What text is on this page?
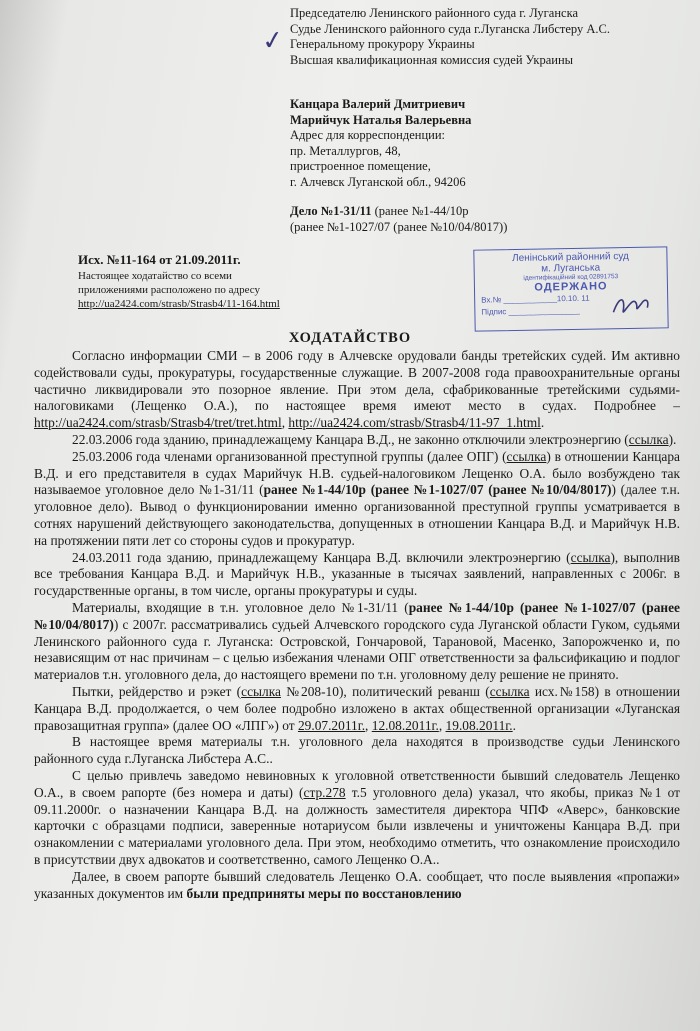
✓
Председателю Ленинского районного суда г. Луганска
Судье Ленинского районного суда г.Луганска Либстеру А.С.
Генеральному прокурору Украины
Высшая квалификационная комиссия судей Украины
Канцара Валерий Дмитриевич
Марийчук Наталья Валерьевна
Адрес для корреспонденции:
пр. Металлургов, 48,
пристроенное помещение,
г. Алчевск Луганской обл., 94206
Дело №1-31/11 (ранее №1-44/10р
(ранее №1-1027/07 (ранее №10/04/8017))
Исх. №11-164 от 21.09.2011г.
Настоящее ходатайство со всеми
приложениями расположено по адресу
http://ua2424.com/strasb/Strasb4/11-164.html
Ленінський районний суд
м. Луганська
ідентифікаційний код 02891753
ОДЕРЖАНО
Вх.№ ____________10.10. 11
Підпис ________________
ХОДАТАЙСТВО

Согласно информации СМИ – в 2006 году в Алчевске орудовали банды третейских судей. Им активно содействовали суды, прокуратуры, государственные служащие. В 2007-2008 года правоохранительные органы частично ликвидировали это позорное явление. При этом дела, сфабрикованные третейскими судьями-налоговиками (Лещенко О.А.), по настоящее время имеют место в судах. Подробнее – http://ua2424.com/strasb/Strasb4/tret/tret.html, http://ua2424.com/strasb/Strasb4/11-97_1.html.

22.03.2006 года зданию, принадлежащему Канцара В.Д., не законно отключили электроэнергию (ссылка).

25.03.2006 года членами организованной преступной группы (далее ОПГ) (ссылка) в отношении Канцара В.Д. и его представителя в судах Марийчук Н.В. судьей-налоговиком Лещенко О.А. было возбуждено так называемое уголовное дело №1-31/11 (ранее №1-44/10р (ранее №1-1027/07 (ранее №10/04/8017)) (далее т.н. уголовное дело). Вывод о функционировании именно организованной преступной группы усматривается в сотнях нарушений действующего законодательства, допущенных в отношении Канцара В.Д. и Марийчук Н.В. на протяжении пяти лет со стороны судов и прокуратур.

24.03.2011 года зданию, принадлежащему Канцара В.Д. включили электроэнергию (ссылка), выполнив все требования Канцара В.Д. и Марийчук Н.В., указанные в тысячах заявлений, направленных с 2006г. в государственные органы, в том числе, органы прокуратуры и суды.

Материалы, входящие в т.н. уголовное дело №1-31/11 (ранее №1-44/10р (ранее №1-1027/07 (ранее №10/04/8017)) с 2007г. рассматривались судьей Алчевского городского суда Луганской области Гуком, судьями Ленинского районного суда г. Луганска: Островской, Гончаровой, Тарановой, Масенко, Запорожченко и, по независящим от нас причинам – с целью избежания членами ОПГ ответственности за фальсификацию и подлог материалов т.н. уголовного дела, до настоящего времени по т.н. уголовному делу решение не принято.

Пытки, рейдерство и рэкет (ссылка №208-10), политический реванш (ссылка исх.№158) в отношении Канцара В.Д. продолжается, о чем более подробно изложено в актах общественной организации «Луганская правозащитная группа» (далее ОО «ЛПГ») от 29.07.2011г., 12.08.2011г., 19.08.2011г..

В настоящее время материалы т.н. уголовного дела находятся в производстве судьи Ленинского районного суда г.Луганска Либстера А.С..

С целью привлечь заведомо невиновных к уголовной ответственности бывший следователь Лещенко О.А., в своем рапорте (без номера и даты) (стр.278 т.5 уголовного дела) указал, что якобы, приказ №1 от 09.11.2000г. о назначении Канцара В.Д. на должность заместителя директора ЧПФ «Аверс», банковские карточки с образцами подписи, заверенные нотариусом были извлечены и уничтожены Канцара В.Д. при ознакомлении с материалами уголовного дела. При этом, необходимо отметить, что ознакомление происходило в присутствии двух адвокатов и соответственно, самого Лещенко О.А..

Далее, в своем рапорте бывший следователь Лещенко О.А. сообщает, что после выявления «пропажи» указанных документов им были предприняты меры по восстановлению
